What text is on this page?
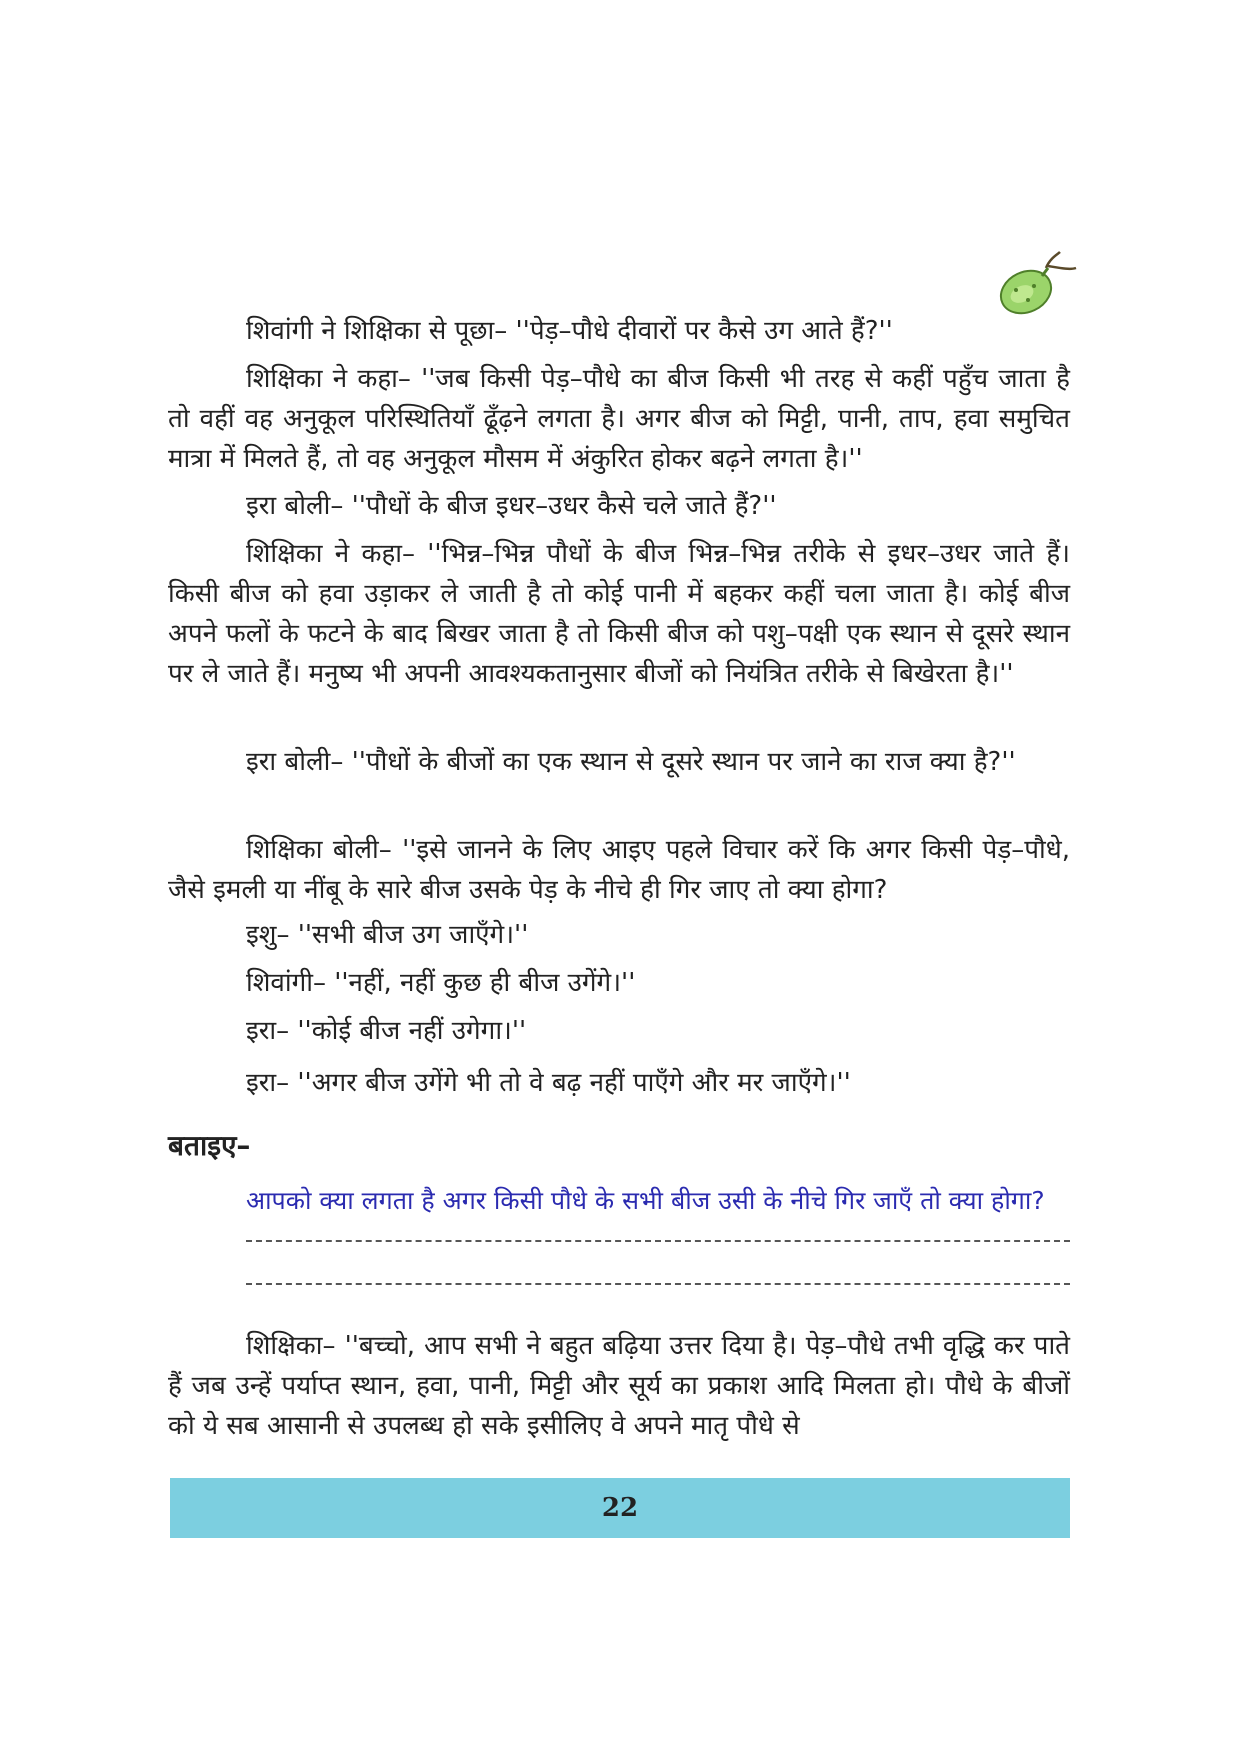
शिवांगी ने शिक्षिका से पूछा– ''पेड़–पौधे दीवारों पर कैसे उग आते हैं?''
शिक्षिका ने कहा– ''जब किसी पेड़–पौधे का बीज किसी भी तरह से कहीं पहुँच जाता है तो वहीं वह अनुकूल परिस्थितियाँ ढूँढ़ने लगता है। अगर बीज को मिट्टी, पानी, ताप, हवा समुचित मात्रा में मिलते हैं, तो वह अनुकूल मौसम में अंकुरित होकर बढ़ने लगता है।''
इरा बोली– ''पौधों के बीज इधर–उधर कैसे चले जाते हैं?''
शिक्षिका ने कहा– ''भिन्न–भिन्न पौधों के बीज भिन्न–भिन्न तरीके से इधर–उधर जाते हैं। किसी बीज को हवा उड़ाकर ले जाती है तो कोई पानी में बहकर कहीं चला जाता है। कोई बीज अपने फलों के फटने के बाद बिखर जाता है तो किसी बीज को पशु–पक्षी एक स्थान से दूसरे स्थान पर ले जाते हैं। मनुष्य भी अपनी आवश्यकतानुसार बीजों को नियंत्रित तरीके से बिखेरता है।''
इरा बोली– ''पौधों के बीजों का एक स्थान से दूसरे स्थान पर जाने का राज क्या है?''
शिक्षिका बोली– ''इसे जानने के लिए आइए पहले विचार करें कि अगर किसी पेड़–पौधे, जैसे इमली या नींबू के सारे बीज उसके पेड़ के नीचे ही गिर जाए तो क्या होगा?
इशु– ''सभी बीज उग जाएँगे।''
शिवांगी– ''नहीं, नहीं कुछ ही बीज उगेंगे।''
इरा– ''कोई बीज नहीं उगेगा।''
इरा– ''अगर बीज उगेंगे भी तो वे बढ़ नहीं पाएँगे और मर जाएँगे।''
बताइए–
आपको क्या लगता है अगर किसी पौधे के सभी बीज उसी के नीचे गिर जाएँ तो क्या होगा?
शिक्षिका– ''बच्चो, आप सभी ने बहुत बढ़िया उत्तर दिया है। पेड़–पौधे तभी वृद्धि कर पाते हैं जब उन्हें पर्याप्त स्थान, हवा, पानी, मिट्टी और सूर्य का प्रकाश आदि मिलता हो। पौधे के बीजों को ये सब आसानी से उपलब्ध हो सके इसीलिए वे अपने मातृ पौधे से
22
